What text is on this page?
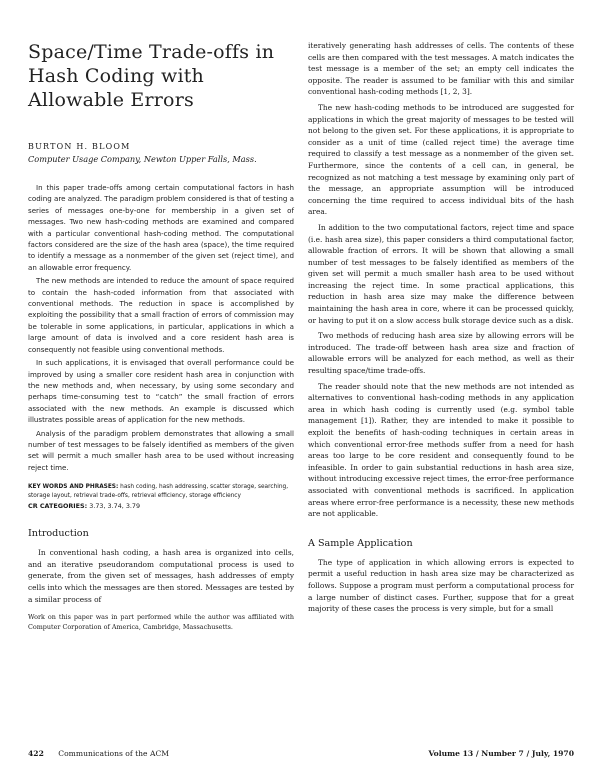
Space/Time Trade-offs in
Hash Coding with
Allowable Errors
BURTON H. BLOOM
Computer Usage Company, Newton Upper Falls, Mass.

In this paper trade-offs among certain computational factors in hash coding are analyzed. The paradigm problem considered is that of testing a series of messages one-by-one for membership in a given set of messages. Two new hash-coding methods are examined and compared with a particular conventional hash-coding method. The computational factors considered are the size of the hash area (space), the time required to identify a message as a nonmember of the given set (reject time), and an allowable error frequency.

The new methods are intended to reduce the amount of space required to contain the hash-coded information from that associated with conventional methods. The reduction in space is accomplished by exploiting the possibility that a small fraction of errors of commission may be tolerable in some applications, in particular, applications in which a large amount of data is involved and a core resident hash area is consequently not feasible using conventional methods.

In such applications, it is envisaged that overall performance could be improved by using a smaller core resident hash area in conjunction with the new methods and, when necessary, by using some secondary and perhaps time-consuming test to “catch” the small fraction of errors associated with the new methods. An example is discussed which illustrates possible areas of application for the new methods.

Analysis of the paradigm problem demonstrates that allowing a small number of test messages to be falsely identified as members of the given set will permit a much smaller hash area to be used without increasing reject time.

KEY WORDS AND PHRASES: hash coding, hash addressing, scatter storage, searching, storage layout, retrieval trade-offs, retrieval efficiency, storage efficiency
CR CATEGORIES: 3.73, 3.74, 3.79
Introduction

In conventional hash coding, a hash area is organized into cells, and an iterative pseudorandom computational process is used to generate, from the given set of messages, hash addresses of empty cells into which the messages are then stored. Messages are tested by a similar process of

Work on this paper was in part performed while the author was affiliated with Computer Corporation of America, Cambridge, Massachusetts.

iteratively generating hash addresses of cells. The contents of these cells are then compared with the test messages. A match indicates the test message is a member of the set; an empty cell indicates the opposite. The reader is assumed to be familiar with this and similar conventional hash-coding methods [1, 2, 3].

The new hash-coding methods to be introduced are suggested for applications in which the great majority of messages to be tested will not belong to the given set. For these applications, it is appropriate to consider as a unit of time (called reject time) the average time required to classify a test message as a nonmember of the given set. Furthermore, since the contents of a cell can, in general, be recognized as not matching a test message by examining only part of the message, an appropriate assumption will be introduced concerning the time required to access individual bits of the hash area.

In addition to the two computational factors, reject time and space (i.e. hash area size), this paper considers a third computational factor, allowable fraction of errors. It will be shown that allowing a small number of test messages to be falsely identified as members of the given set will permit a much smaller hash area to be used without increasing the reject time. In some practical applications, this reduction in hash area size may make the difference between maintaining the hash area in core, where it can be processed quickly, or having to put it on a slow access bulk storage device such as a disk.

Two methods of reducing hash area size by allowing errors will be introduced. The trade-off between hash area size and fraction of allowable errors will be analyzed for each method, as well as their resulting space/time trade-offs.

The reader should note that the new methods are not intended as alternatives to conventional hash-coding methods in any application area in which hash coding is currently used (e.g. symbol table management [1]). Rather, they are intended to make it possible to exploit the benefits of hash-coding techniques in certain areas in which conventional error-free methods suffer from a need for hash areas too large to be core resident and consequently found to be infeasible. In order to gain substantial reductions in hash area size, without introducing excessive reject times, the error-free performance associated with conventional methods is sacrificed. In application areas where error-free performance is a necessity, these new methods are not applicable.

A Sample Application

The type of application in which allowing errors is expected to permit a useful reduction in hash area size may be characterized as follows. Suppose a program must perform a computational process for a large number of distinct cases. Further, suppose that for a great majority of these cases the process is very simple, but for a small

422 Communications of the ACM	Volume 13 / Number 7 / July, 1970
